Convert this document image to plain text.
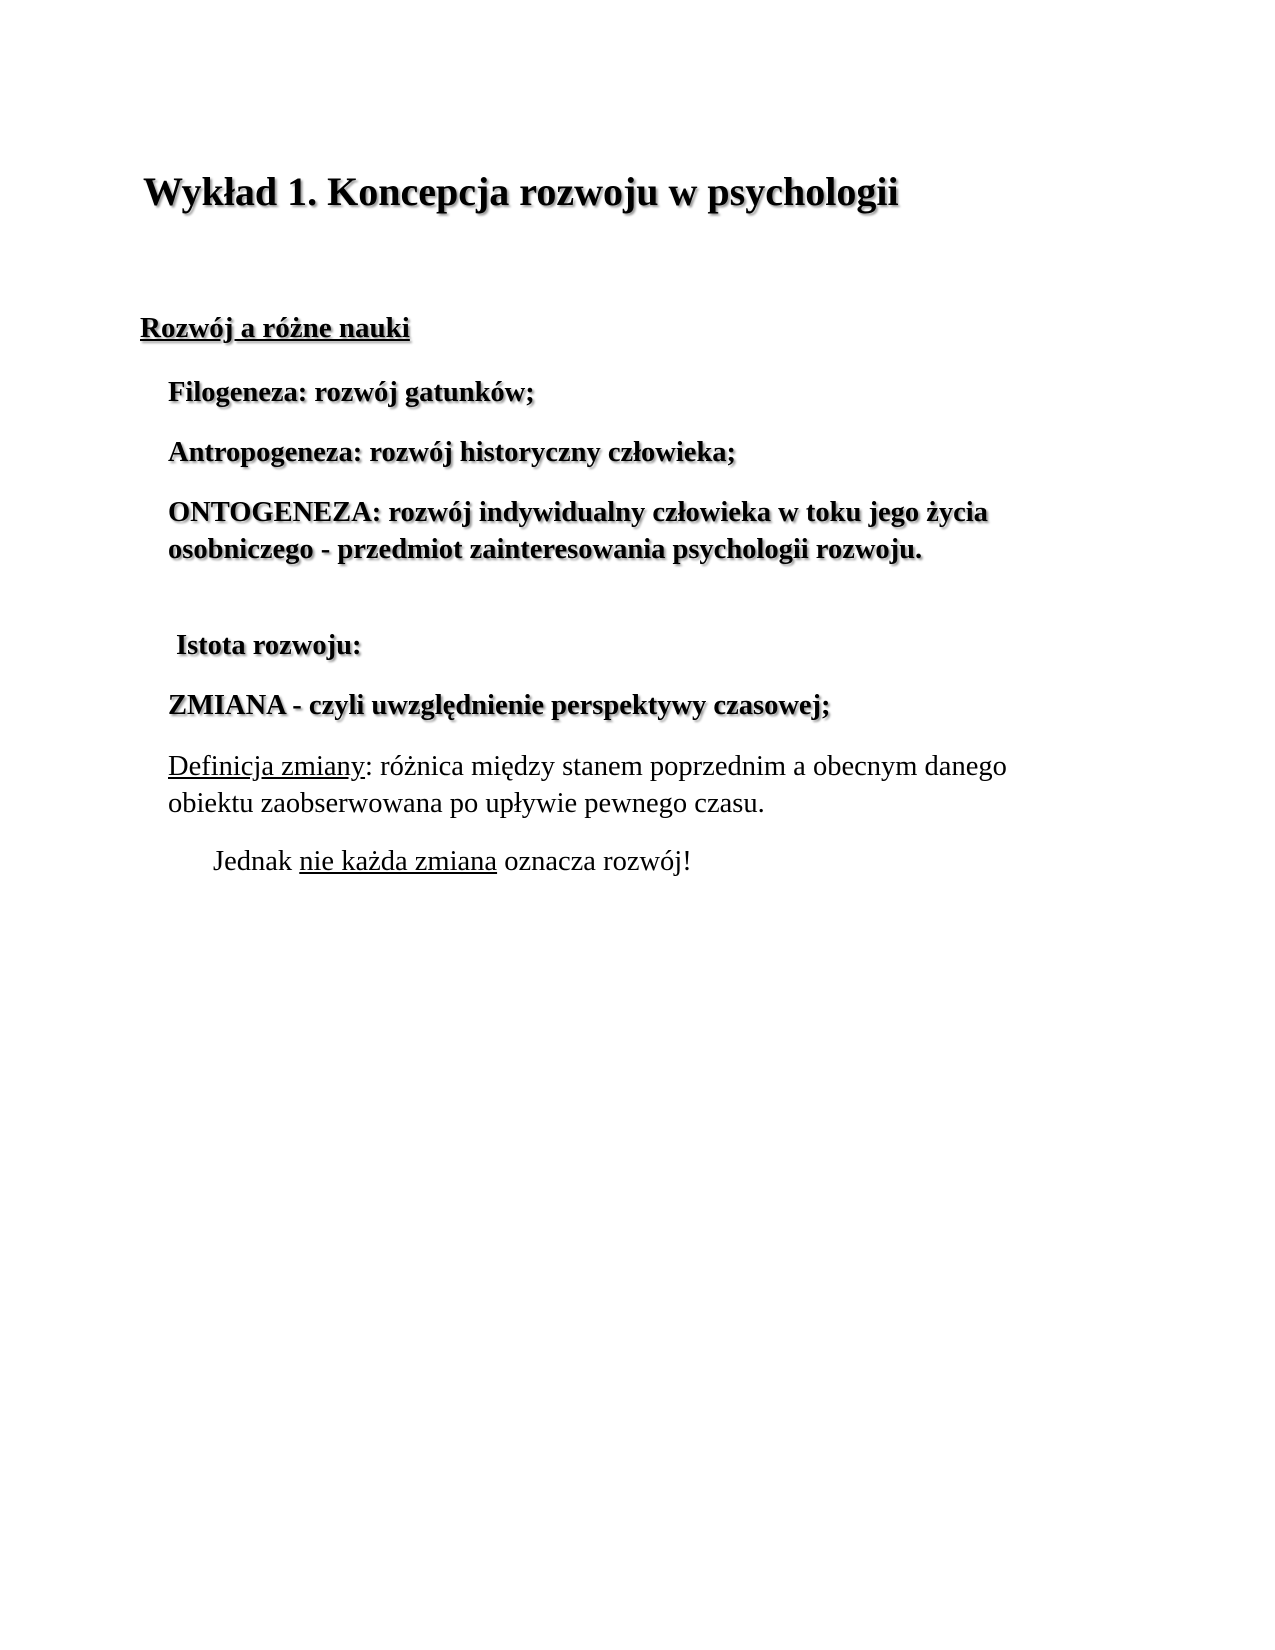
Wykład 1. Koncepcja rozwoju w psychologii
Rozwój a różne nauki

Filogeneza: rozwój gatunków;

Antropogeneza: rozwój historyczny człowieka;

ONTOGENEZA: rozwój indywidualny człowieka w toku jego życia osobniczego - przedmiot zainteresowania psychologii rozwoju.

Istota rozwoju:

ZMIANA - czyli uwzględnienie perspektywy czasowej;

Definicja zmiany: różnica między stanem poprzednim a obecnym danego obiektu zaobserwowana po upływie pewnego czasu.

Jednak nie każda zmiana oznacza rozwój!
